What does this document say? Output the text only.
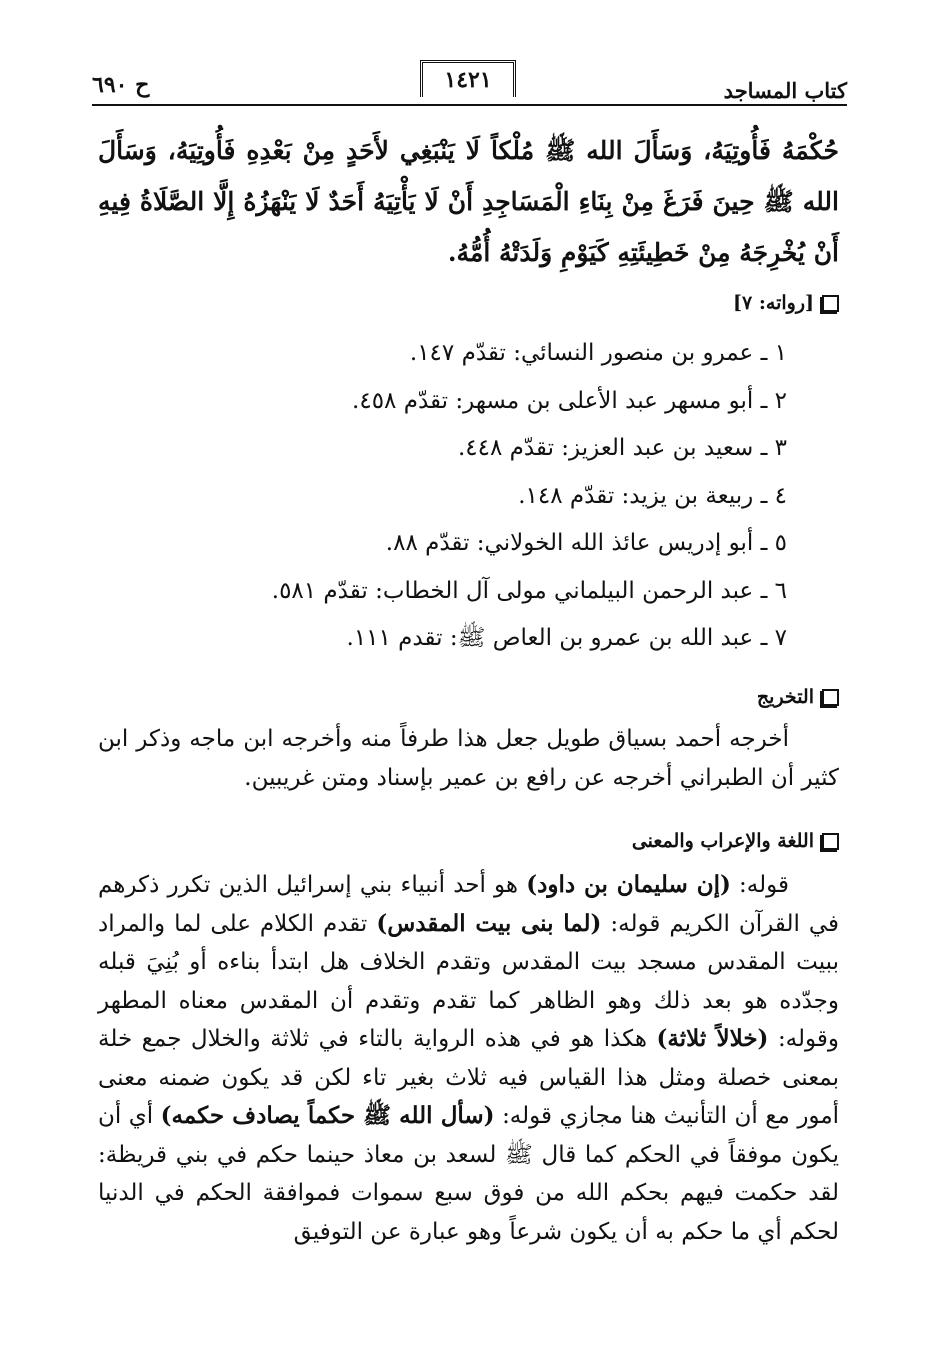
كتاب المساجد
١٤٢١
ح ٦٩٠
حُكْمَهُ فَأُوتِيَهُ، وَسَأَلَ الله ﷺ مُلْكاً لَا يَنْبَغِي لأَحَدٍ مِنْ بَعْدِهِ فَأُوتِيَهُ، وَسَأَلَ الله ﷺ حِينَ فَرَغَ مِنْ بِنَاءِ الْمَسَاجِدِ أَنْ لَا يَأْتِيَهُ أَحَدٌ لَا يَنْهَزُهُ إِلَّا الصَّلَاةُ فِيهِ أَنْ يُخْرِجَهُ مِنْ خَطِيئَتِهِ كَيَوْمِ وَلَدَتْهُ أُمُّهُ.
[رواته: ٧]
١ ـ عمرو بن منصور النسائي: تقدّم ١٤٧.
٢ ـ أبو مسهر عبد الأعلى بن مسهر: تقدّم ٤٥٨.
٣ ـ سعيد بن عبد العزيز: تقدّم ٤٤٨.
٤ ـ ربيعة بن يزيد: تقدّم ١٤٨.
٥ ـ أبو إدريس عائذ الله الخولاني: تقدّم ٨٨.
٦ ـ عبد الرحمن البيلماني مولى آل الخطاب: تقدّم ٥٨١.
٧ ـ عبد الله بن عمرو بن العاص ﷺ: تقدم ١١١.
التخريج
أخرجه أحمد بسياق طويل جعل هذا طرفاً منه وأخرجه ابن ماجه وذكر ابن كثير أن الطبراني أخرجه عن رافع بن عمير بإسناد ومتن غريبين.
اللغة والإعراب والمعنى
قوله: (إن سليمان بن داود) هو أحد أنبياء بني إسرائيل الذين تكرر ذكرهم في القرآن الكريم قوله: (لما بنى بيت المقدس) تقدم الكلام على لما والمراد ببيت المقدس مسجد بيت المقدس وتقدم الخلاف هل ابتدأ بناءه أو بُنِيَ قبله وجدّده هو بعد ذلك وهو الظاهر كما تقدم وتقدم أن المقدس معناه المطهر وقوله: (خلالاً ثلاثة) هكذا هو في هذه الرواية بالتاء في ثلاثة والخلال جمع خلة بمعنى خصلة ومثل هذا القياس فيه ثلاث بغير تاء لكن قد يكون ضمنه معنى أمور مع أن التأنيث هنا مجازي قوله: (سأل الله ﷺ حكماً يصادف حكمه) أي أن يكون موفقاً في الحكم كما قال ﷺ لسعد بن معاذ حينما حكم في بني قريظة: لقد حكمت فيهم بحكم الله من فوق سبع سموات فموافقة الحكم في الدنيا لحكم أي ما حكم به أن يكون شرعاً وهو عبارة عن التوفيق
